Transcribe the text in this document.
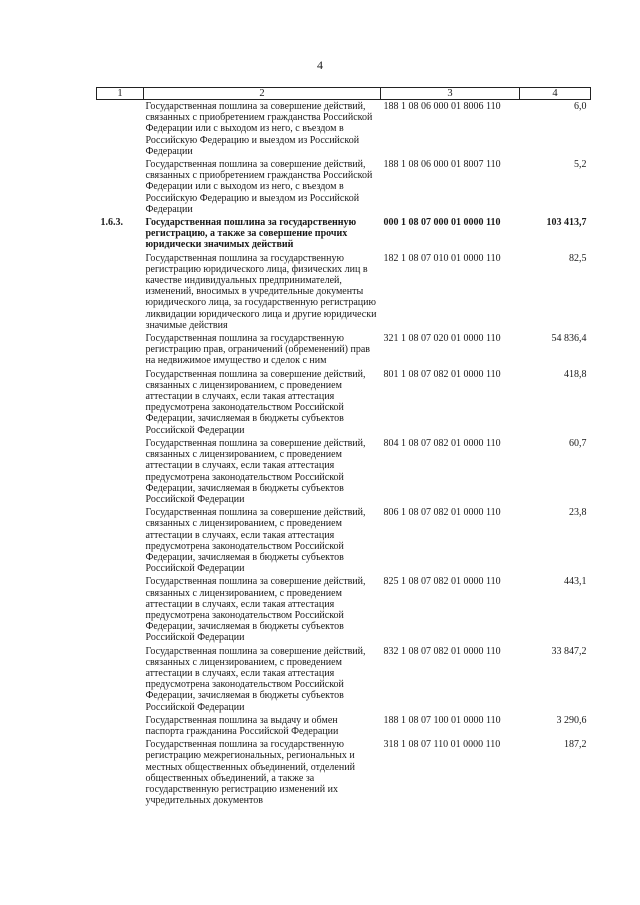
4
1	2	3	4
	Государственная пошлина за совершение действий, связанных с приобретением гражданства Российской Федерации или с выходом из него, с въездом в Российскую Федерацию и выездом из Российской Федерации	188 1 08 06 000 01 8006 110	6,0
	Государственная пошлина за совершение действий, связанных с приобретением гражданства Российской Федерации или с выходом из него, с въездом в Российскую Федерацию и выездом из Российской Федерации	188 1 08 06 000 01 8007 110	5,2
1.6.3.	Государственная пошлина за государственную регистрацию, а также за совершение прочих юридически значимых действий	000 1 08 07 000 01 0000 110	103 413,7
	Государственная пошлина за государственную регистрацию юридического лица, физических лиц в качестве индивидуальных предпринимателей, изменений, вносимых в учредительные документы юридического лица, за государственную регистрацию ликвидации юридического лица и другие юридически значимые действия	182 1 08 07 010 01 0000 110	82,5
	Государственная пошлина за государственную регистрацию прав, ограничений (обременений) прав на недвижимое имущество и сделок с ним	321 1 08 07 020 01 0000 110	54 836,4
	Государственная пошлина за совершение действий, связанных с лицензированием, с проведением аттестации в случаях, если такая аттестация предусмотрена законодательством Российской Федерации, зачисляемая в бюджеты субъектов Российской Федерации	801 1 08 07 082 01 0000 110	418,8
	Государственная пошлина за совершение действий, связанных с лицензированием, с проведением аттестации в случаях, если такая аттестация предусмотрена законодательством Российской Федерации, зачисляемая в бюджеты субъектов Российской Федерации	804 1 08 07 082 01 0000 110	60,7
	Государственная пошлина за совершение действий, связанных с лицензированием, с проведением аттестации в случаях, если такая аттестация предусмотрена законодательством Российской Федерации, зачисляемая в бюджеты субъектов Российской Федерации	806 1 08 07 082 01 0000 110	23,8
	Государственная пошлина за совершение действий, связанных с лицензированием, с проведением аттестации в случаях, если такая аттестация предусмотрена законодательством Российской Федерации, зачисляемая в бюджеты субъектов Российской Федерации	825 1 08 07 082 01 0000 110	443,1
	Государственная пошлина за совершение действий, связанных с лицензированием, с проведением аттестации в случаях, если такая аттестация предусмотрена законодательством Российской Федерации, зачисляемая в бюджеты субъектов Российской Федерации	832 1 08 07 082 01 0000 110	33 847,2
	Государственная пошлина за выдачу и обмен паспорта гражданина Российской Федерации	188 1 08 07 100 01 0000 110	3 290,6
	Государственная пошлина за государственную регистрацию межрегиональных, региональных и местных общественных объединений, отделений общественных объединений, а также за государственную регистрацию изменений их учредительных документов	318 1 08 07 110 01 0000 110	187,2
